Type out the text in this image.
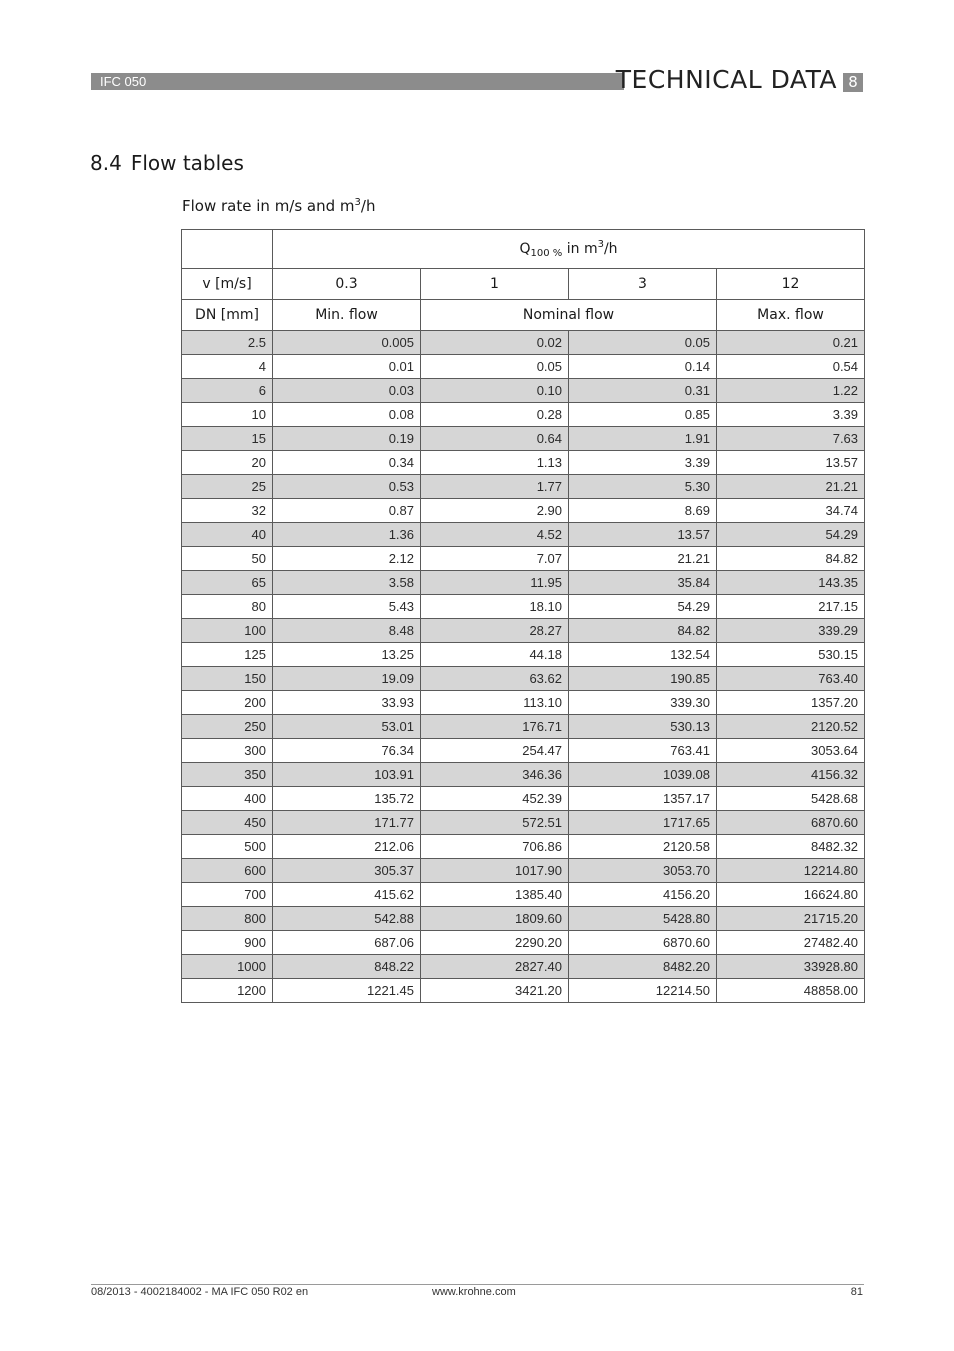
IFC 050	TECHNICAL DATA 8
8.4 Flow tables
Flow rate in m/s and $m^3/h$
	$Q_{100 \%}$ in $m^3/h$			
v [m/s]	0.3	1	3	12
DN [mm]	Min. flow	Nominal flow		Max. flow
2.5	0.005	0.02	0.05	0.21
4	0.01	0.05	0.14	0.54
6	0.03	0.10	0.31	1.22
10	0.08	0.28	0.85	3.39
15	0.19	0.64	1.91	7.63
20	0.34	1.13	3.39	13.57
25	0.53	1.77	5.30	21.21
32	0.87	2.90	8.69	34.74
40	1.36	4.52	13.57	54.29
50	2.12	7.07	21.21	84.82
65	3.58	11.95	35.84	143.35
80	5.43	18.10	54.29	217.15
100	8.48	28.27	84.82	339.29
125	13.25	44.18	132.54	530.15
150	19.09	63.62	190.85	763.40
200	33.93	113.10	339.30	1357.20
250	53.01	176.71	530.13	2120.52
300	76.34	254.47	763.41	3053.64
350	103.91	346.36	1039.08	4156.32
400	135.72	452.39	1357.17	5428.68
450	171.77	572.51	1717.65	6870.60
500	212.06	706.86	2120.58	8482.32
600	305.37	1017.90	3053.70	12214.80
700	415.62	1385.40	4156.20	16624.80
800	542.88	1809.60	5428.80	21715.20
900	687.06	2290.20	6870.60	27482.40
1000	848.22	2827.40	8482.20	33928.80
1200	1221.45	3421.20	12214.50	48858.00
08/2013 - 4002184002 - MA IFC 050 R02 en	www.krohne.com	81
